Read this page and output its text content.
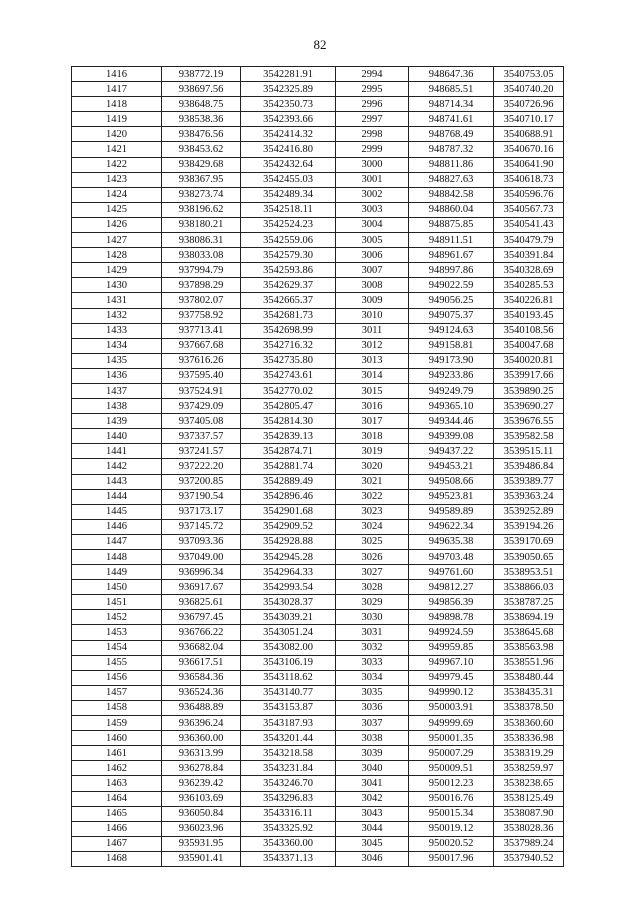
82
1416	938772.19	3542281.91	2994	948647.36	3540753.05
1417	938697.56	3542325.89	2995	948685.51	3540740.20
1418	938648.75	3542350.73	2996	948714.34	3540726.96
1419	938538.36	3542393.66	2997	948741.61	3540710.17
1420	938476.56	3542414.32	2998	948768.49	3540688.91
1421	938453.62	3542416.80	2999	948787.32	3540670.16
1422	938429.68	3542432.64	3000	948811.86	3540641.90
1423	938367.95	3542455.03	3001	948827.63	3540618.73
1424	938273.74	3542489.34	3002	948842.58	3540596.76
1425	938196.62	3542518.11	3003	948860.04	3540567.73
1426	938180.21	3542524.23	3004	948875.85	3540541.43
1427	938086.31	3542559.06	3005	948911.51	3540479.79
1428	938033.08	3542579.30	3006	948961.67	3540391.84
1429	937994.79	3542593.86	3007	948997.86	3540328.69
1430	937898.29	3542629.37	3008	949022.59	3540285.53
1431	937802.07	3542665.37	3009	949056.25	3540226.81
1432	937758.92	3542681.73	3010	949075.37	3540193.45
1433	937713.41	3542698.99	3011	949124.63	3540108.56
1434	937667.68	3542716.32	3012	949158.81	3540047.68
1435	937616.26	3542735.80	3013	949173.90	3540020.81
1436	937595.40	3542743.61	3014	949233.86	3539917.66
1437	937524.91	3542770.02	3015	949249.79	3539890.25
1438	937429.09	3542805.47	3016	949365.10	3539690.27
1439	937405.08	3542814.30	3017	949344.46	3539676.55
1440	937337.57	3542839.13	3018	949399.08	3539582.58
1441	937241.57	3542874.71	3019	949437.22	3539515.11
1442	937222.20	3542881.74	3020	949453.21	3539486.84
1443	937200.85	3542889.49	3021	949508.66	3539389.77
1444	937190.54	3542896.46	3022	949523.81	3539363.24
1445	937173.17	3542901.68	3023	949589.89	3539252.89
1446	937145.72	3542909.52	3024	949622.34	3539194.26
1447	937093.36	3542928.88	3025	949635.38	3539170.69
1448	937049.00	3542945.28	3026	949703.48	3539050.65
1449	936996.34	3542964.33	3027	949761.60	3538953.51
1450	936917.67	3542993.54	3028	949812.27	3538866.03
1451	936825.61	3543028.37	3029	949856.39	3538787.25
1452	936797.45	3543039.21	3030	949898.78	3538694.19
1453	936766.22	3543051.24	3031	949924.59	3538645.68
1454	936682.04	3543082.00	3032	949959.85	3538563.98
1455	936617.51	3543106.19	3033	949967.10	3538551.96
1456	936584.36	3543118.62	3034	949979.45	3538480.44
1457	936524.36	3543140.77	3035	949990.12	3538435.31
1458	936488.89	3543153.87	3036	950003.91	3538378.50
1459	936396.24	3543187.93	3037	949999.69	3538360.60
1460	936360.00	3543201.44	3038	950001.35	3538336.98
1461	936313.99	3543218.58	3039	950007.29	3538319.29
1462	936278.84	3543231.84	3040	950009.51	3538259.97
1463	936239.42	3543246.70	3041	950012.23	3538238.65
1464	936103.69	3543296.83	3042	950016.76	3538125.49
1465	936050.84	3543316.11	3043	950015.34	3538087.90
1466	936023.96	3543325.92	3044	950019.12	3538028.36
1467	935931.95	3543360.00	3045	950020.52	3537989.24
1468	935901.41	3543371.13	3046	950017.96	3537940.52
